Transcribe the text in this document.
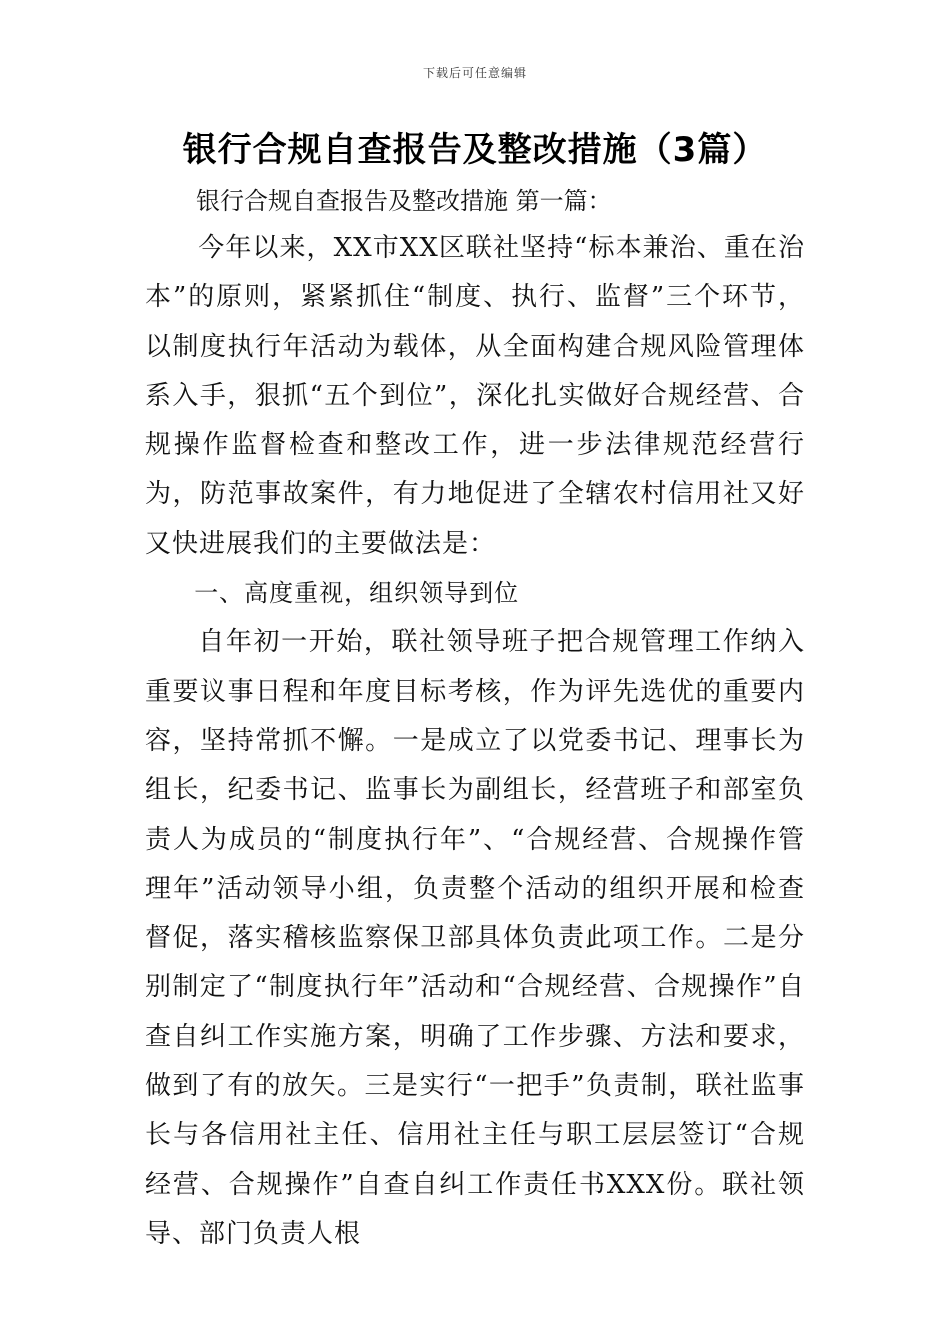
下载后可任意编辑
银行合规自查报告及整改措施（3篇）

银行合规自查报告及整改措施 第一篇：

今年以来，XX市XX区联社坚持“标本兼治、重在治本”的原则，紧紧抓住“制度、执行、监督”三个环节，以制度执行年活动为载体，从全面构建合规风险管理体系入手，狠抓“五个到位”，深化扎实做好合规经营、合规操作监督检查和整改工作，进一步法律规范经营行为，防范事故案件，有力地促进了全辖农村信用社又好又快进展我们的主要做法是：

一、高度重视，组织领导到位

自年初一开始，联社领导班子把合规管理工作纳入重要议事日程和年度目标考核，作为评先选优的重要内容，坚持常抓不懈。一是成立了以党委书记、理事长为组长，纪委书记、监事长为副组长，经营班子和部室负责人为成员的“制度执行年”、“合规经营、合规操作管理年”活动领导小组，负责整个活动的组织开展和检查督促，落实稽核监察保卫部具体负责此项工作。二是分别制定了“制度执行年”活动和“合规经营、合规操作”自查自纠工作实施方案，明确了工作步骤、方法和要求，做到了有的放矢。三是实行“一把手”负责制，联社监事长与各信用社主任、信用社主任与职工层层签订“合规经营、合规操作”自查自纠工作责任书XXX份。联社领导、部门负责人根
